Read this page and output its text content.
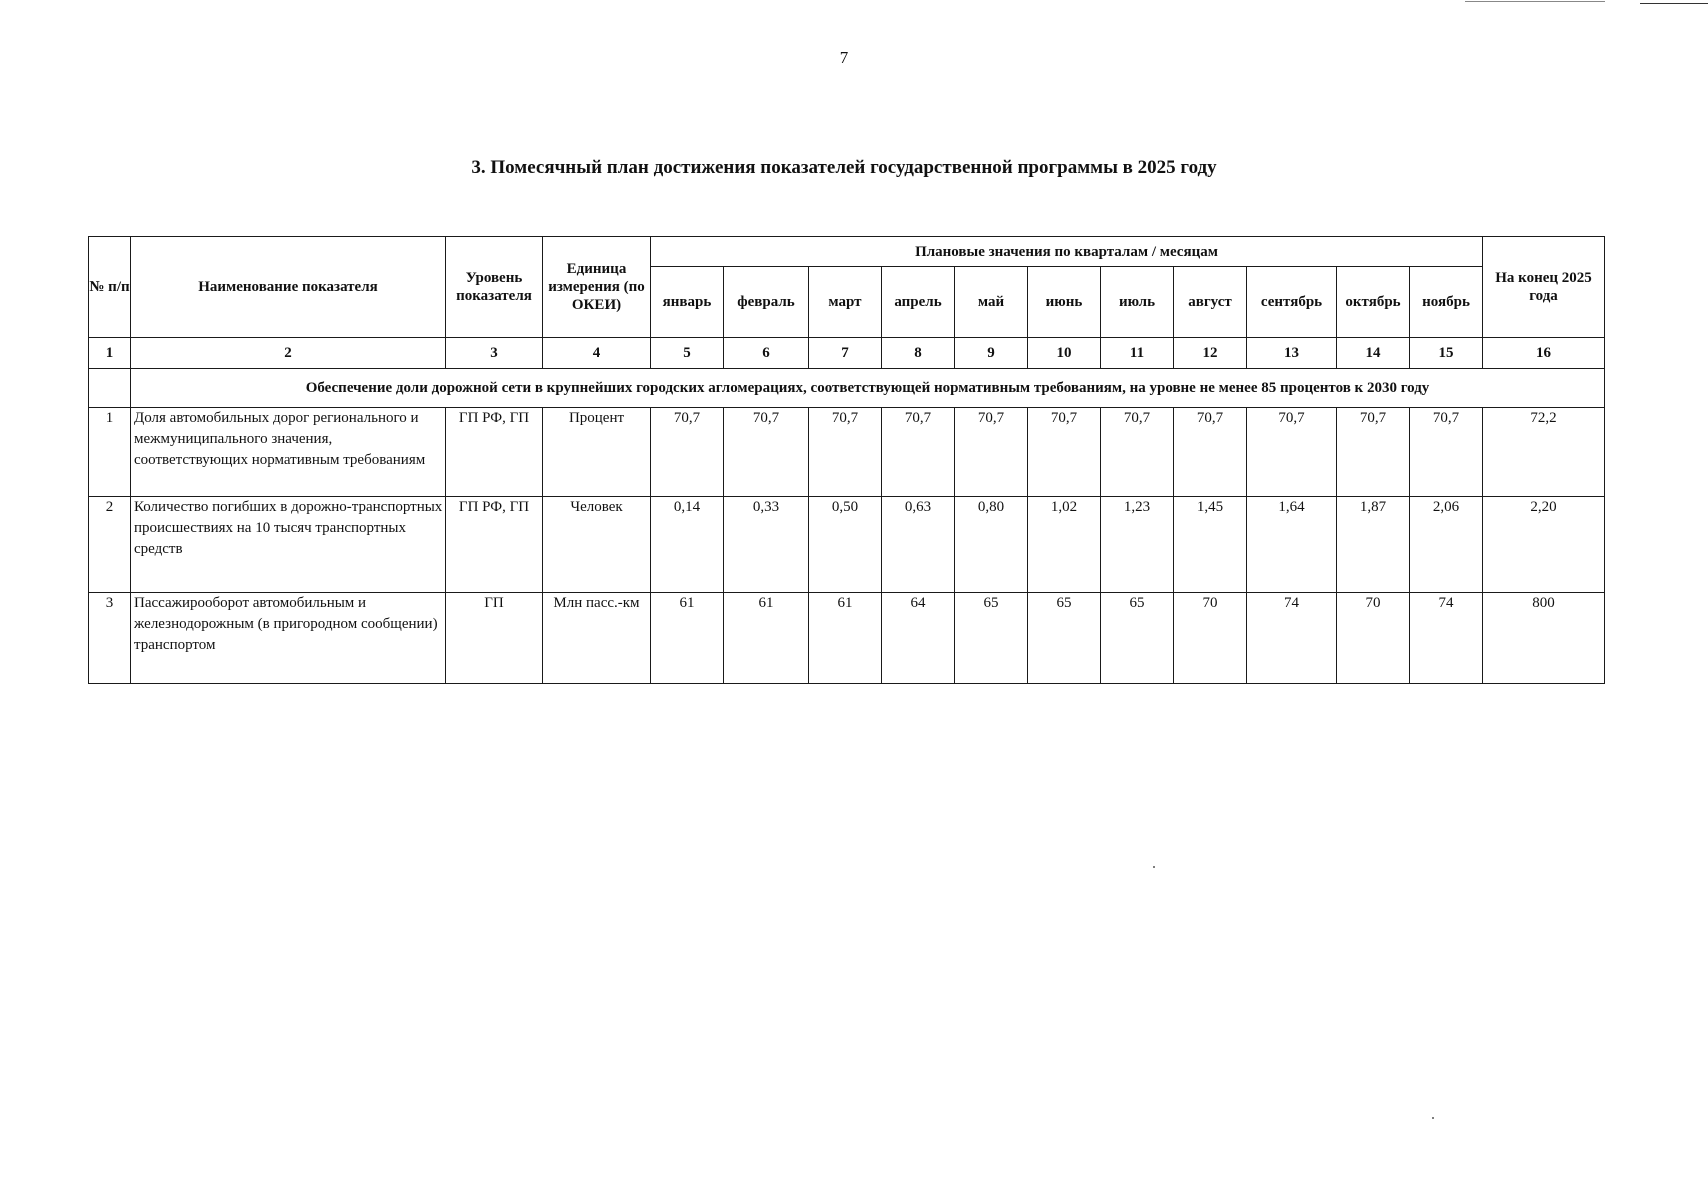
7
3. Помесячный план достижения показателей государственной программы в 2025 году
№ п/п	Наименование показателя	Уровень показателя	Единица измерения (по ОКЕИ)	Плановые значения по кварталам / месяцам											На конец 2025 года
				январь	февраль	март	апрель	май	июнь	июль	август	сентябрь	октябрь	ноябрь	
1	2	3	4	5	6	7	8	9	10	11	12	13	14	15	16
	Обеспечение доли дорожной сети в крупнейших городских агломерациях, соответствующей нормативным требованиям, на уровне не менее 85 процентов к 2030 году														
1	Доля автомобильных дорог регионального и межмуниципального значения, соответствующих нормативным требованиям	ГП РФ, ГП	Процент	70,7	70,7	70,7	70,7	70,7	70,7	70,7	70,7	70,7	70,7	70,7	72,2
2	Количество погибших в дорожно-транспортных происшествиях на 10 тысяч транспортных средств	ГП РФ, ГП	Человек	0,14	0,33	0,50	0,63	0,80	1,02	1,23	1,45	1,64	1,87	2,06	2,20
3	Пассажирооборот автомобильным и железнодорожным (в пригородном сообщении) транспортом	ГП	Млн пасс.-км	61	61	61	64	65	65	65	70	74	70	74	800
